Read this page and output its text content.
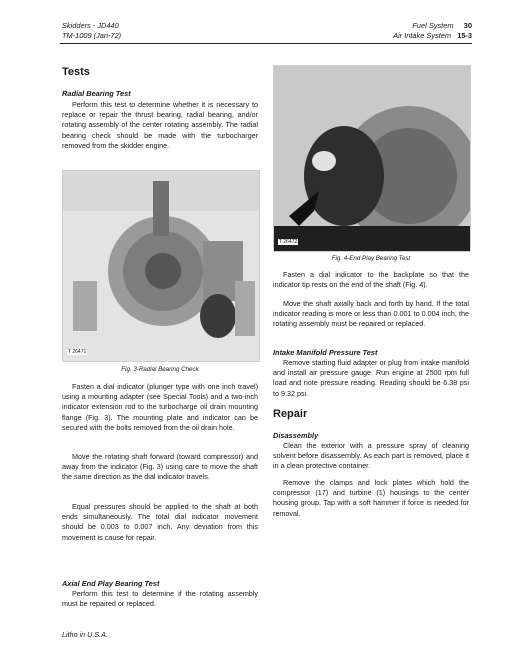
Skidders - JD440
TM-1009 (Jan-72)
Fuel System 30
Air Intake System 15-3
Tests
Radial Bearing Test
Perform this test to determine whether it is necessary to replace or repair the thrust bearing, radial bearing, and/or rotating assembly of the center rotating assembly. The radial bearing check should be made with the turbocharger removed from the skidder engine.
T 26471
Fig. 3-Radial Bearing Check
Fasten a dial indicator (plunger type with one inch travel) using a mounting adapter (see Special Tools) and a two-inch indicator extension rod to the turbocharge oil drain mounting flange (Fig. 3). The mounting plate and indicator can be secured with the bolts removed from the oil drain hole.
Move the rotating shaft forward (toward compressor) and away from the indicator (Fig. 3) using care to move the shaft the same direction as the dial indicator travels.
Equal pressures should be applied to the shaft at both ends simultaneously. The total dial indicator movement should be 0.003 to 0.007 inch. Any deviation from this movement is cause for repair.
Axial End Play Bearing Test
Perform this test to determine if the rotating assembly must be repaired or replaced.
Litho in U.S.A.
T 26472
Fig. 4-End Play Bearing Test
Fasten a dial indicator to the backplate so that the indicator tip rests on the end of the shaft (Fig. 4).
Move the shaft axially back and forth by hand. If the total indicator reading is more or less than 0.001 to 0.004 inch, the rotating assembly must be repaired or replaced.
Intake Manifold Pressure Test
Remove starting fluid adapter or plug from intake manifold and install air pressure gauge. Run engine at 2500 rpm full load and note pressure reading. Reading should be 6.38 psi to 9.32 psi.
Repair
Disassembly
Clean the exterior with a pressure spray of cleaning solvent before disassembly. As each part is removed, place it in a clean protective container.
Remove the clamps and lock plates which hold the compressor (17) and turbine (1) housings to the center housing group. Tap with a soft hammer if force is needed for removal.
